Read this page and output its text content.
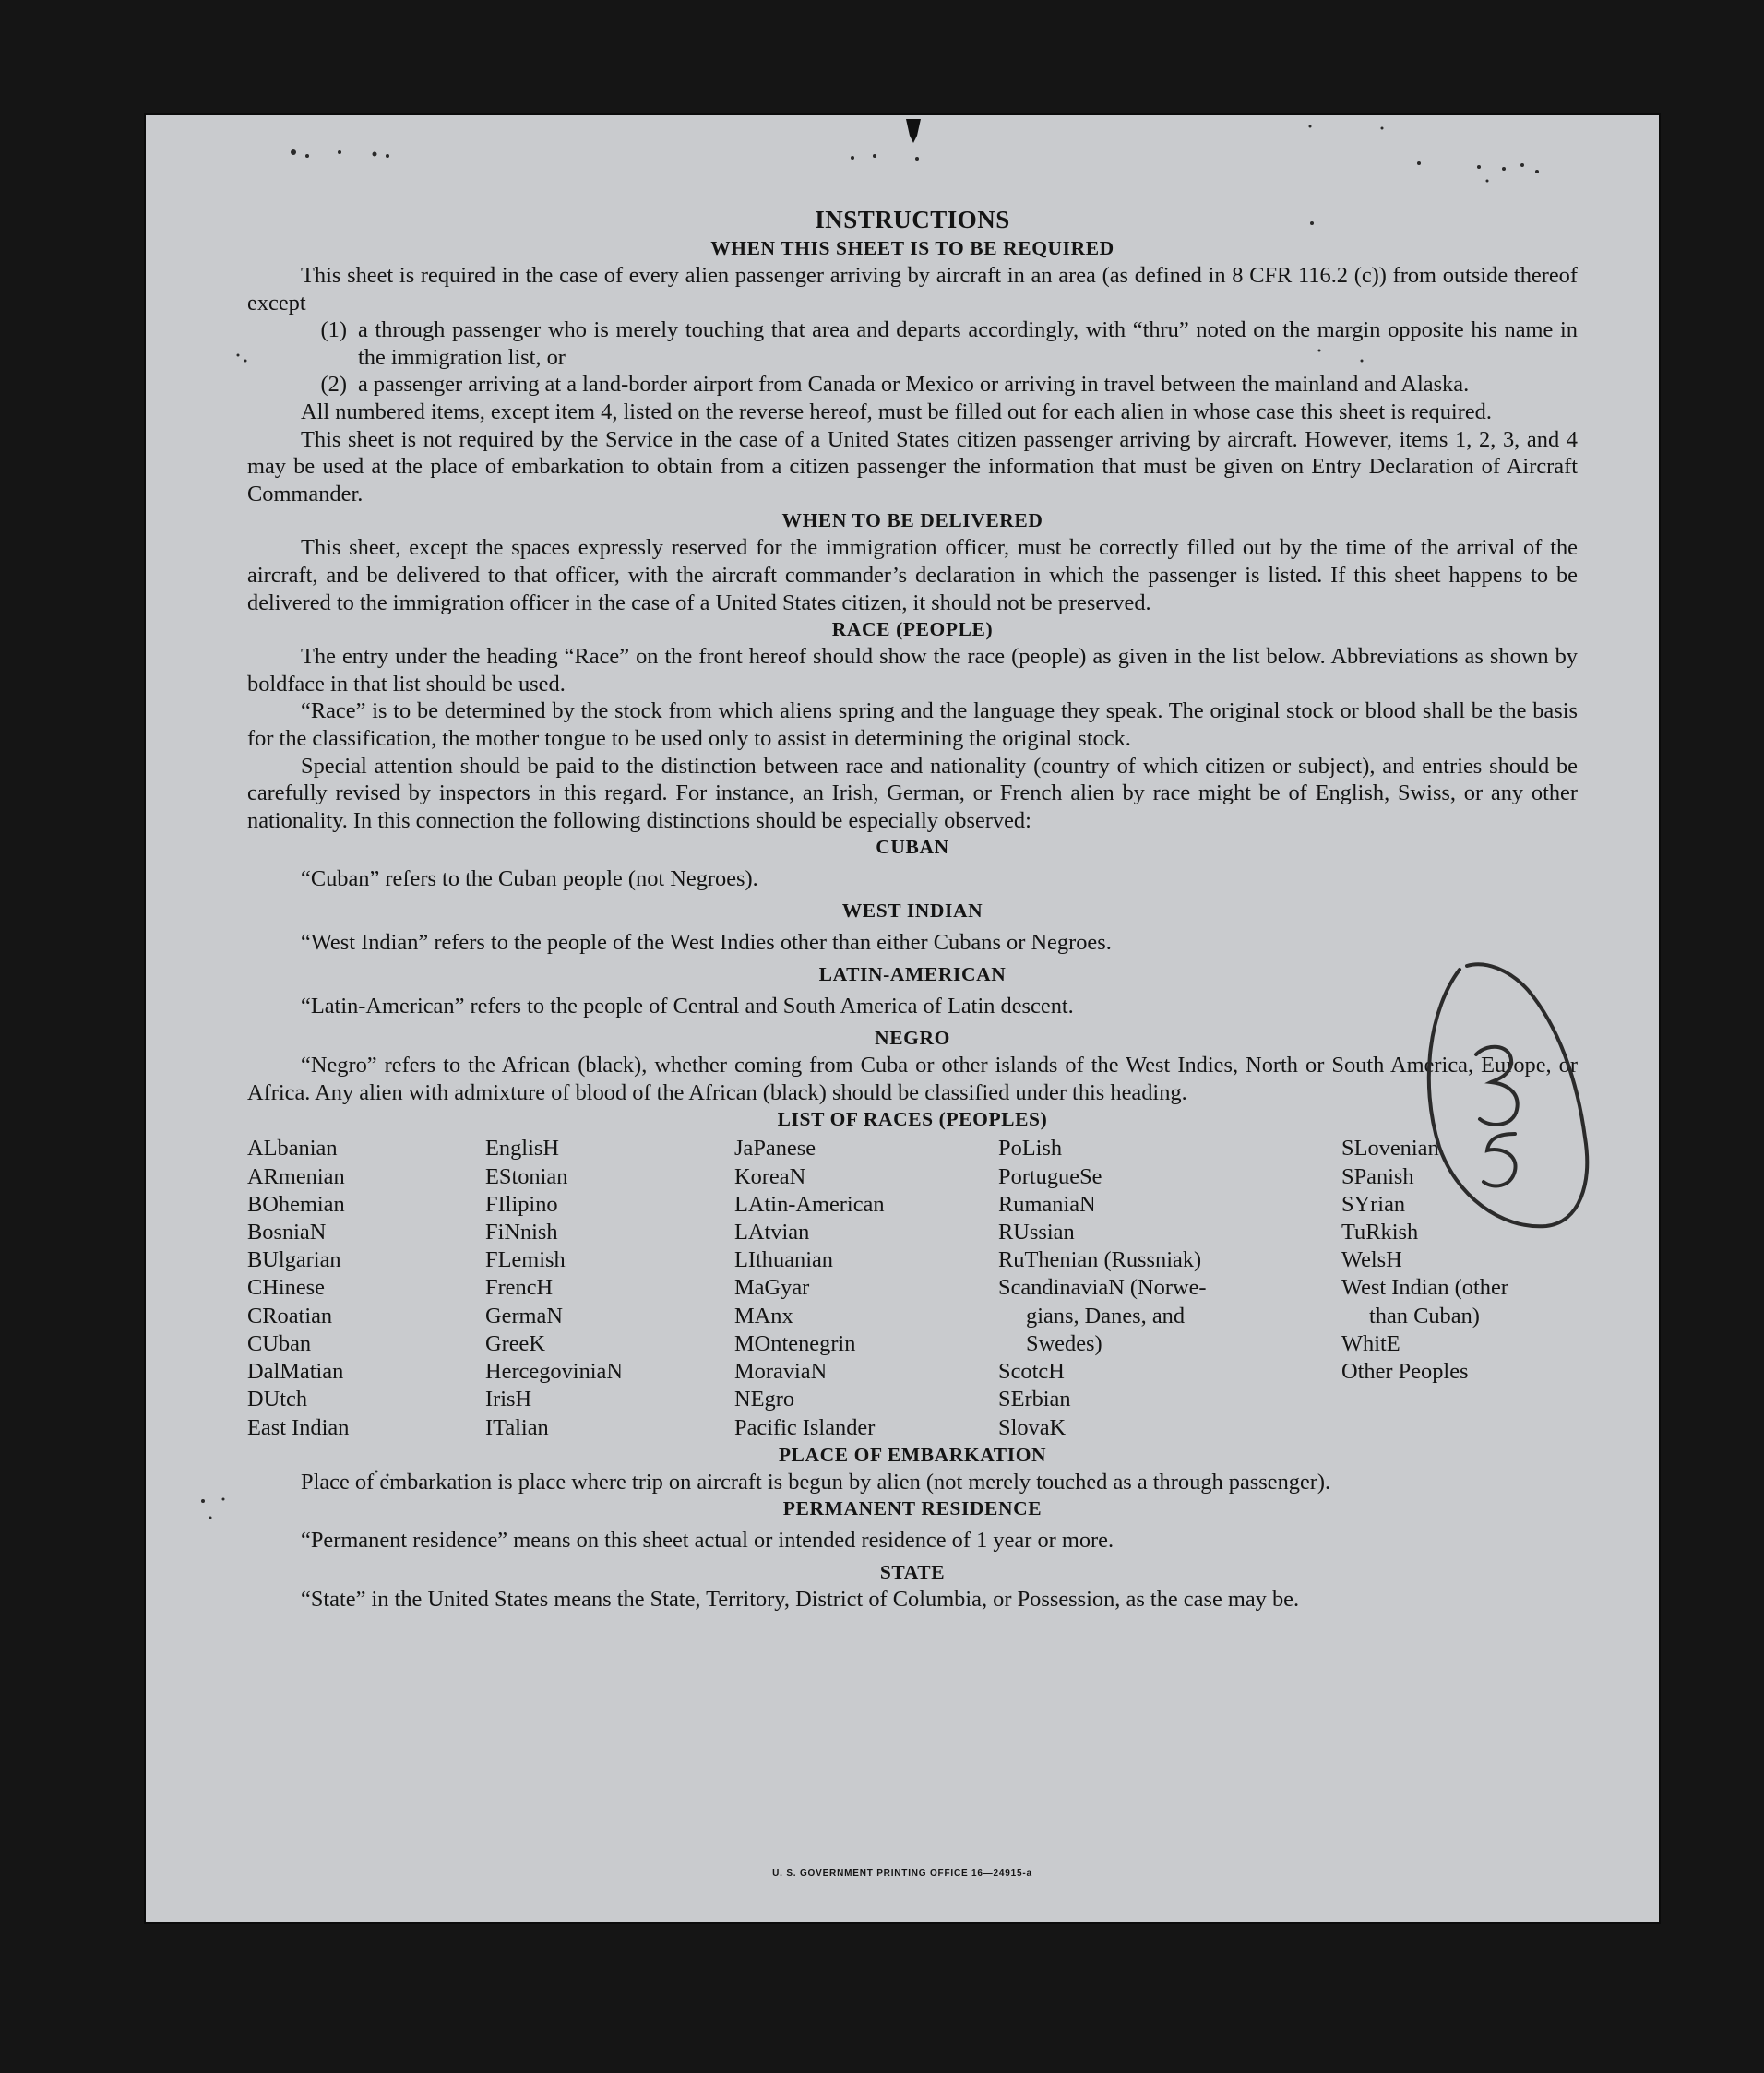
INSTRUCTIONS
WHEN THIS SHEET IS TO BE REQUIRED

This sheet is required in the case of every alien passenger arriving by aircraft in an area (as defined in 8 CFR 116.2 (c)) from outside thereof except

(1) a through passenger who is merely touching that area and departs accordingly, with “thru” noted on the margin opposite his name in the immigration list, or
(2) a passenger arriving at a land-border airport from Canada or Mexico or arriving in travel between the mainland and Alaska.

All numbered items, except item 4, listed on the reverse hereof, must be filled out for each alien in whose case this sheet is required.

This sheet is not required by the Service in the case of a United States citizen passenger arriving by aircraft. However, items 1, 2, 3, and 4 may be used at the place of embarkation to obtain from a citizen passenger the information that must be given on Entry Declaration of Aircraft Commander.

WHEN TO BE DELIVERED

This sheet, except the spaces expressly reserved for the immigration officer, must be correctly filled out by the time of the arrival of the aircraft, and be delivered to that officer, with the aircraft commander’s declaration in which the passenger is listed. If this sheet happens to be delivered to the immigration officer in the case of a United States citizen, it should not be preserved.

RACE (PEOPLE)

The entry under the heading “Race” on the front hereof should show the race (people) as given in the list below. Abbreviations as shown by boldface in that list should be used.

“Race” is to be determined by the stock from which aliens spring and the language they speak. The original stock or blood shall be the basis for the classification, the mother tongue to be used only to assist in determining the original stock.

Special attention should be paid to the distinction between race and nationality (country of which citizen or subject), and entries should be carefully revised by inspectors in this regard. For instance, an Irish, German, or French alien by race might be of English, Swiss, or any other nationality. In this connection the following distinctions should be especially observed:

CUBAN

“Cuban” refers to the Cuban people (not Negroes).

WEST INDIAN

“West Indian” refers to the people of the West Indies other than either Cubans or Negroes.

LATIN-AMERICAN

“Latin-American” refers to the people of Central and South America of Latin descent.

NEGRO

“Negro” refers to the African (black), whether coming from Cuba or other islands of the West Indies, North or South America, Europe, or Africa. Any alien with admixture of blood of the African (black) should be classified under this heading.

LIST OF RACES (PEOPLES)
ALbanian
ARmenian
BOhemian
BosniaN
BUlgarian
CHinese
CRoatian
CUban
DalMatian
DUtch
East Indian
EnglisH
EStonian
FIlipino
FiNnish
FLemish
FrencH
GermaN
GreeK
HercegoviniaN
IrisH
ITalian
JaPanese
KoreaN
LAtin-American
LAtvian
LIthuanian
MaGyar
MAnx
MOntenegrin
MoraviaN
NEgro
Pacific Islander
PoLish
PortugueSe
RumaniaN
RUssian
RuThenian (Russniak)
ScandinaviaN (Norwe-
gians, Danes, and
Swedes)
ScotcH
SErbian
SlovaK
SLovenian
SPanish
SYrian
TuRkish
WelsH
West Indian (other
than Cuban)
WhitE
Other Peoples
PLACE OF EMBARKATION

Place of embarkation is place where trip on aircraft is begun by alien (not merely touched as a through passenger).

PERMANENT RESIDENCE

“Permanent residence” means on this sheet actual or intended residence of 1 year or more.

STATE

“State” in the United States means the State, Territory, District of Columbia, or Possession, as the case may be.

U. S. GOVERNMENT PRINTING OFFICE 16—24915-a
